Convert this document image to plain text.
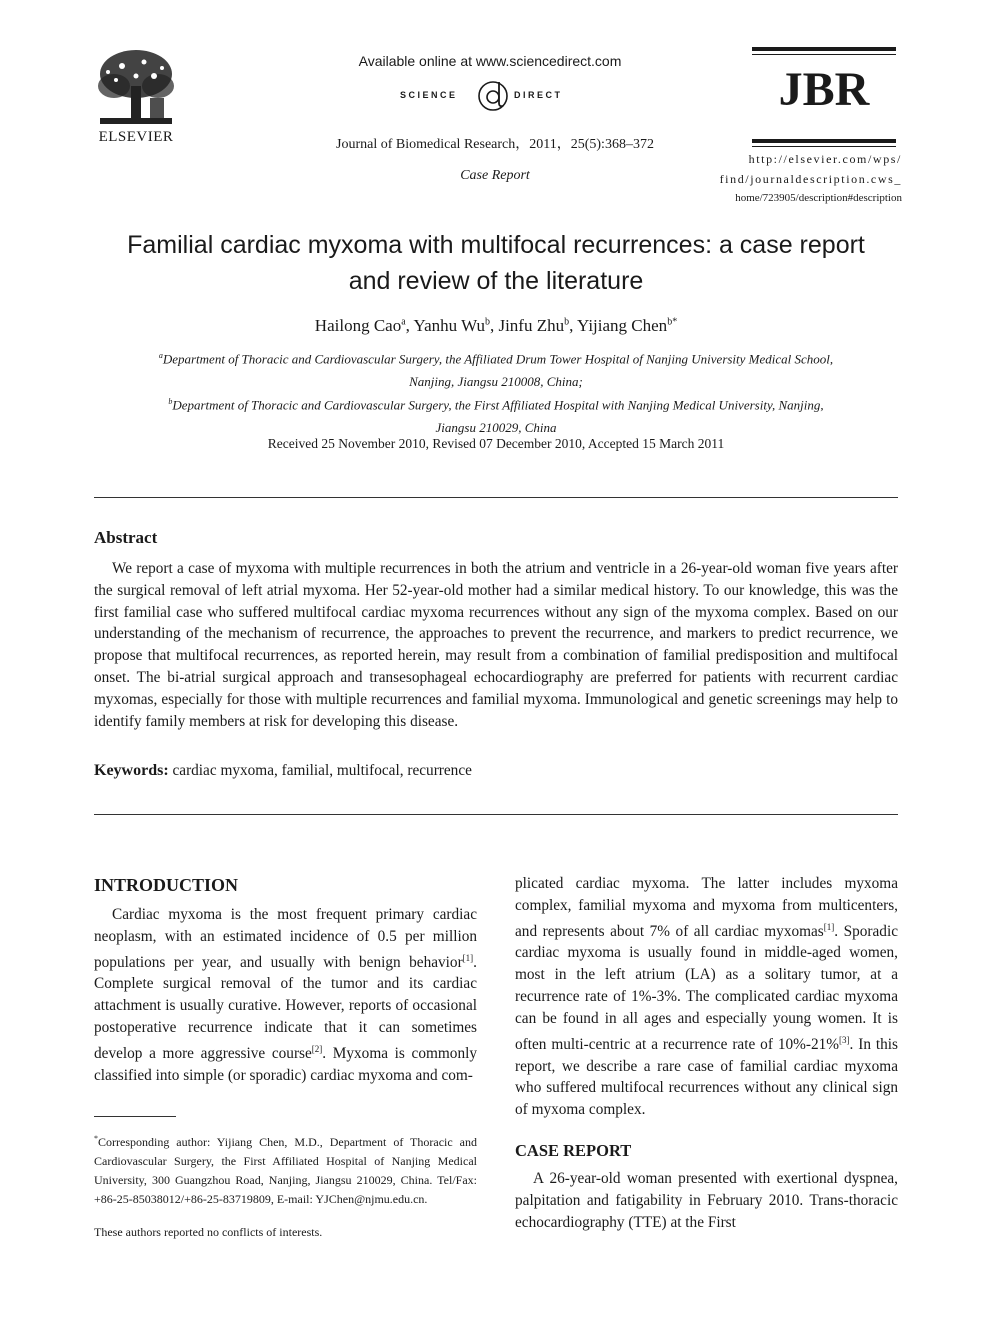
ELSEVIER
Available online at www.sciencedirect.com
SCIENCE	DIRECT
Journal of Biomedical Research，2011，25(5):368–372
Case Report
JBR
http://elsevier.com/wps/
find/journaldescription.cws_
home/723905/description#description
Familial cardiac myxoma with multifocal recurrences: a case report
and review of the literature
Hailong Cao$^a$, Yanhu Wu$^b$, Jinfu Zhu$^b$, Yijiang Chen$^{b*}$
$^a$Department of Thoracic and Cardiovascular Surgery, the Affiliated Drum Tower Hospital of Nanjing University Medical School,
Nanjing, Jiangsu 210008, China;
$^b$Department of Thoracic and Cardiovascular Surgery, the First Affiliated Hospital with Nanjing Medical University, Nanjing,
Jiangsu 210029, China
Received 25 November 2010, Revised 07 December 2010, Accepted 15 March 2011
Abstract

We report a case of myxoma with multiple recurrences in both the atrium and ventricle in a 26-year-old woman five years after the surgical removal of left atrial myxoma. Her 52-year-old mother had a similar medical history. To our knowledge, this was the first familial case who suffered multifocal cardiac myxoma recurrences without any sign of the myxoma complex. Based on our understanding of the mechanism of recurrence, the approaches to prevent the recurrence, and markers to predict recurrence, we propose that multifocal recurrences, as reported herein, may result from a combination of familial predisposition and multifocal onset. The bi-atrial surgical approach and transesophageal echocardiography are preferred for patients with recurrent cardiac myxomas, especially for those with multiple recurrences and familial myxoma. Immunological and genetic screenings may help to identify family members at risk for developing this disease.

Keywords: cardiac myxoma, familial, multifocal, recurrence
INTRODUCTION

Cardiac myxoma is the most frequent primary cardiac neoplasm, with an estimated incidence of 0.5 per million populations per year, and usually with benign behavior[1]. Complete surgical removal of the tumor and its cardiac attachment is usually curative. However, reports of occasional postoperative recurrence indicate that it can sometimes develop a more aggressive course[2]. Myxoma is commonly classified into simple (or sporadic) cardiac myxoma and com-

*Corresponding author: Yijiang Chen, M.D., Department of Thoracic and Cardiovascular Surgery, the First Affiliated Hospital of Nanjing Medical University, 300 Guangzhou Road, Nanjing, Jiangsu 210029, China. Tel/Fax: +86-25-85038012/+86-25-83719809, E-mail: YJChen@njmu.edu.cn.

These authors reported no conflicts of interests.

plicated cardiac myxoma. The latter includes myxoma complex, familial myxoma and myxoma from multicenters, and represents about 7% of all cardiac myxomas[1]. Sporadic cardiac myxoma is usually found in middle-aged women, most in the left atrium (LA) as a solitary tumor, at a recurrence rate of 1%-3%. The complicated cardiac myxoma can be found in all ages and especially young women. It is often multi-centric at a recurrence rate of 10%-21%[3]. In this report, we describe a rare case of familial cardiac myxoma who suffered multifocal recurrences without any clinical sign of myxoma complex.

CASE REPORT

A 26-year-old woman presented with exertional dyspnea, palpitation and fatigability in February 2010. Trans-thoracic echocardiography (TTE) at the First
